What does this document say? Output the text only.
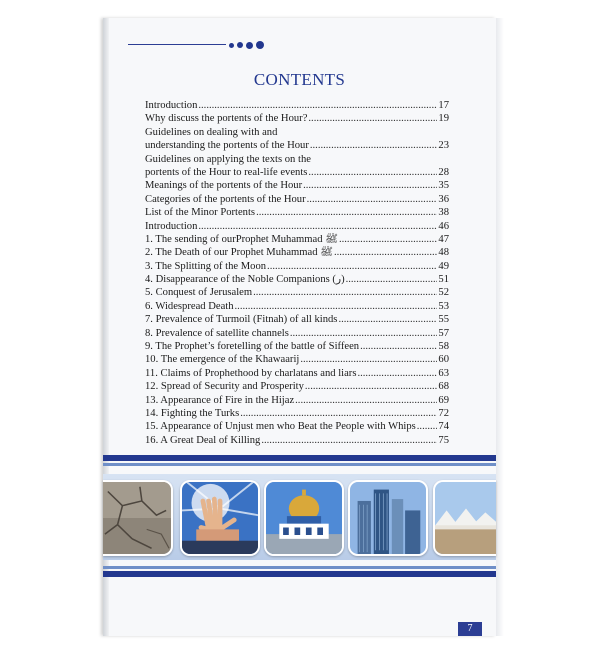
CONTENTS
Introduction .....	17
Why discuss the portents of the Hour? .....	19
Guidelines on dealing with and
understanding the portents of the Hour .....	23
Guidelines on applying the texts on the
portents of the Hour to real-life events .....	28
Meanings of the portents of the Hour .....	35
Categories of the portents of the Hour .....	36
List of the Minor Portents .....	38
Introduction .....	46
1. The sending of ourProphet Muhammad ﷺ .....	47
2. The Death of our Prophet Muhammad ﷺ .....	48
3. The Splitting of the Moon .....	49
4. Disappearance of the Noble Companions (ر) .....	51
5. Conquest of Jerusalem .....	52
6. Widespread Death .....	53
7. Prevalence of Turmoil (Fitnah) of all kinds .....	55
8. Prevalence of satellite channels .....	57
9. The Prophet’s foretelling of the battle of Siffeen .....	58
10. The emergence of the Khawaarij .....	60
11. Claims of Prophethood by charlatans and liars .....	63
12. Spread of Security and Prosperity .....	68
13. Appearance of Fire in the Hijaz .....	69
14. Fighting the Turks .....	72
15. Appearance of Unjust men who Beat the People with Whips ..... 74
16. A Great Deal of Killing .....	75
7
